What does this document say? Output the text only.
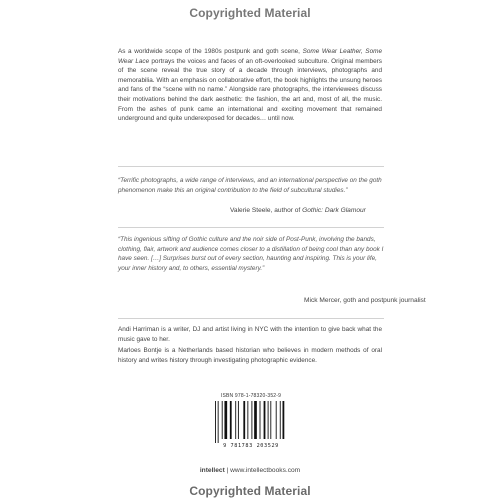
Copyrighted Material
As a worldwide scope of the 1980s postpunk and goth scene, Some Wear Leather, Some Wear Lace portrays the voices and faces of an oft-overlooked subculture. Original members of the scene reveal the true story of a decade through interviews, photographs and memorabilia. With an emphasis on collaborative effort, the book highlights the unsung heroes and fans of the “scene with no name.” Alongside rare photographs, the interviewees discuss their motivations behind the dark aesthetic: the fashion, the art and, most of all, the music. From the ashes of punk came an international and exciting movement that remained underground and quite underexposed for decades… until now.
“Terrific photographs, a wide range of interviews, and an international perspective on the goth phenomenon make this an original contribution to the field of subcultural studies.”
Valerie Steele, author of Gothic: Dark Glamour
“This ingenious sifting of Gothic culture and the noir side of Post-Punk, involving the bands, clothing, flair, artwork and audience comes closer to a distillation of being cool than any book I have seen. […] Surprises burst out of every section, haunting and inspiring. This is your life, your inner history and, to others, essential mystery.”
Mick Mercer, goth and postpunk journalist
Andi Harriman is a writer, DJ and artist living in NYC with the intention to give back what the music gave to her.
Marloes Bontje is a Netherlands based historian who believes in modern methods of oral history and writes history through investigating photographic evidence.
ISBN 978-1-78320-352-9
9 781783 203529
intellect | www.intellectbooks.com
Copyrighted Material
